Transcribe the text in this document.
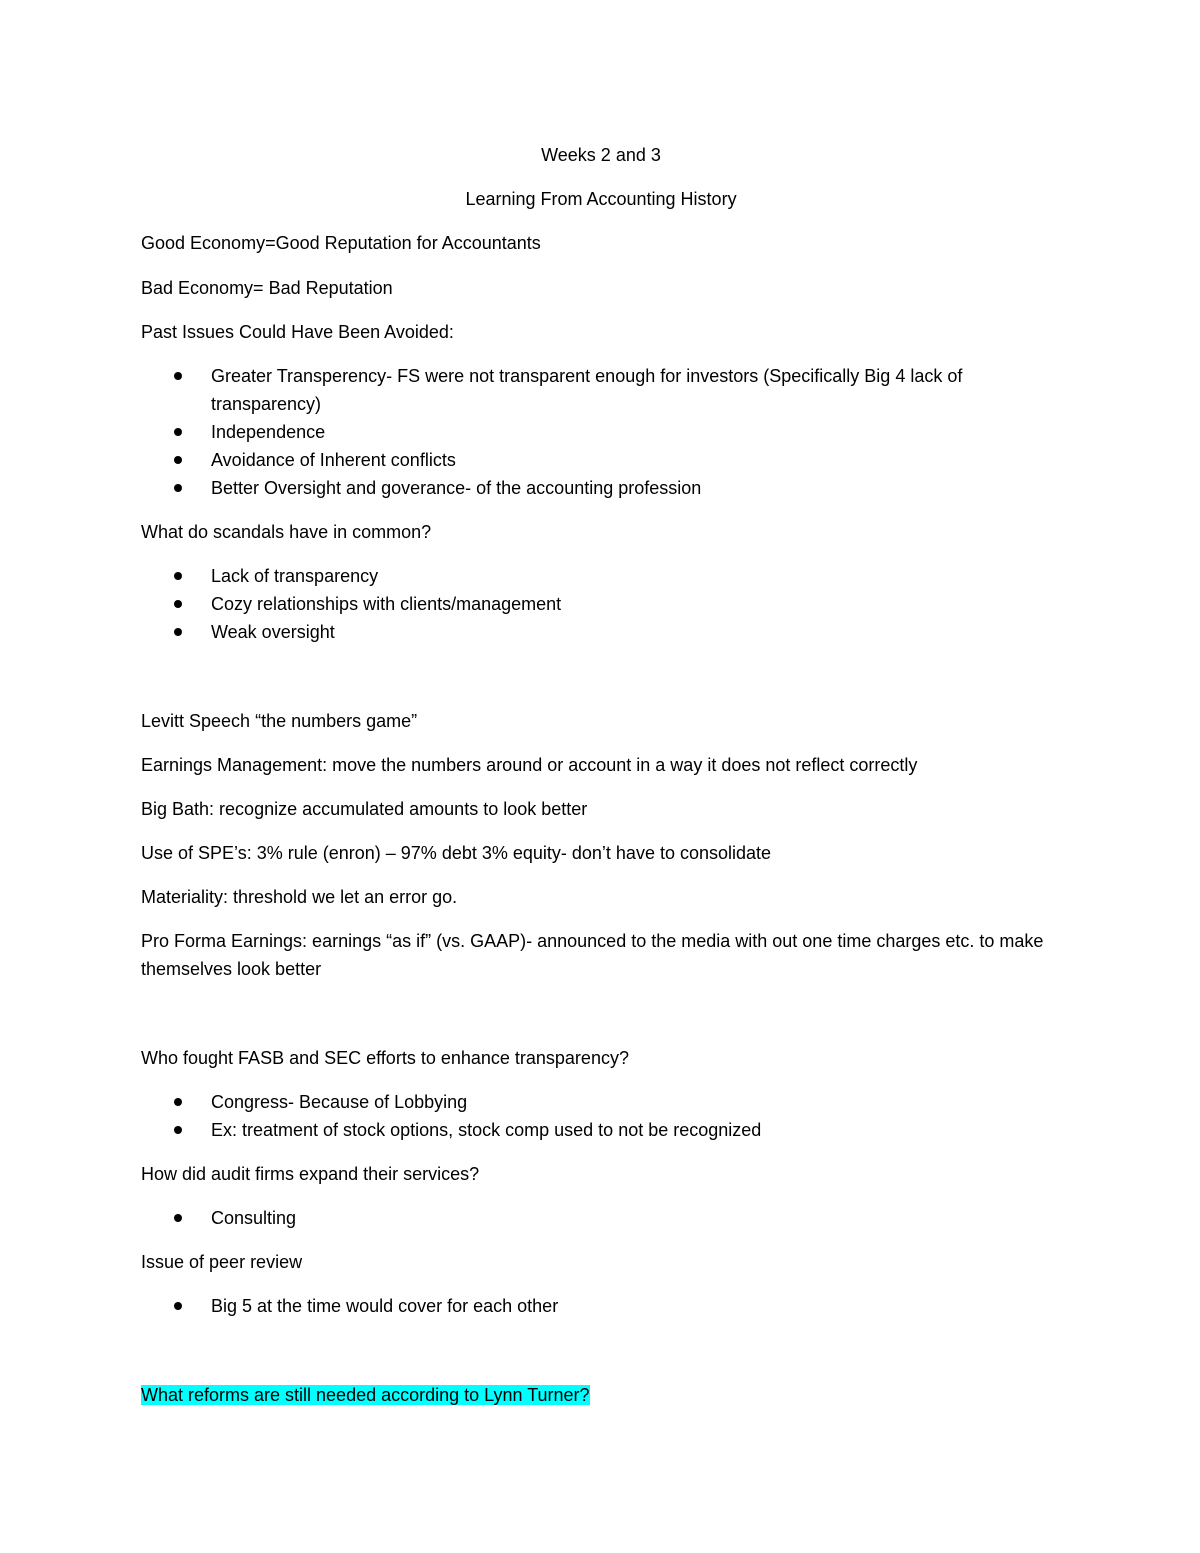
Weeks 2 and 3

Learning From Accounting History

Good Economy=Good Reputation for Accountants

Bad Economy= Bad Reputation

Past Issues Could Have Been Avoided:

Greater Transperency- FS were not transparent enough for investors (Specifically Big 4 lack of transparency)
Independence
Avoidance of Inherent conflicts
Better Oversight and goverance- of the accounting profession

What do scandals have in common?

Lack of transparency
Cozy relationships with clients/management
Weak oversight

Levitt Speech “the numbers game”

Earnings Management: move the numbers around or account in a way it does not reflect correctly

Big Bath: recognize accumulated amounts to look better

Use of SPE’s: 3% rule (enron) – 97% debt 3% equity- don’t have to consolidate

Materiality: threshold we let an error go.

Pro Forma Earnings: earnings “as if” (vs. GAAP)- announced to the media with out one time charges etc. to make themselves look better

Who fought FASB and SEC efforts to enhance transparency?

Congress- Because of Lobbying
Ex: treatment of stock options, stock comp used to not be recognized

How did audit firms expand their services?

Consulting

Issue of peer review

Big 5 at the time would cover for each other

What reforms are still needed according to Lynn Turner?
